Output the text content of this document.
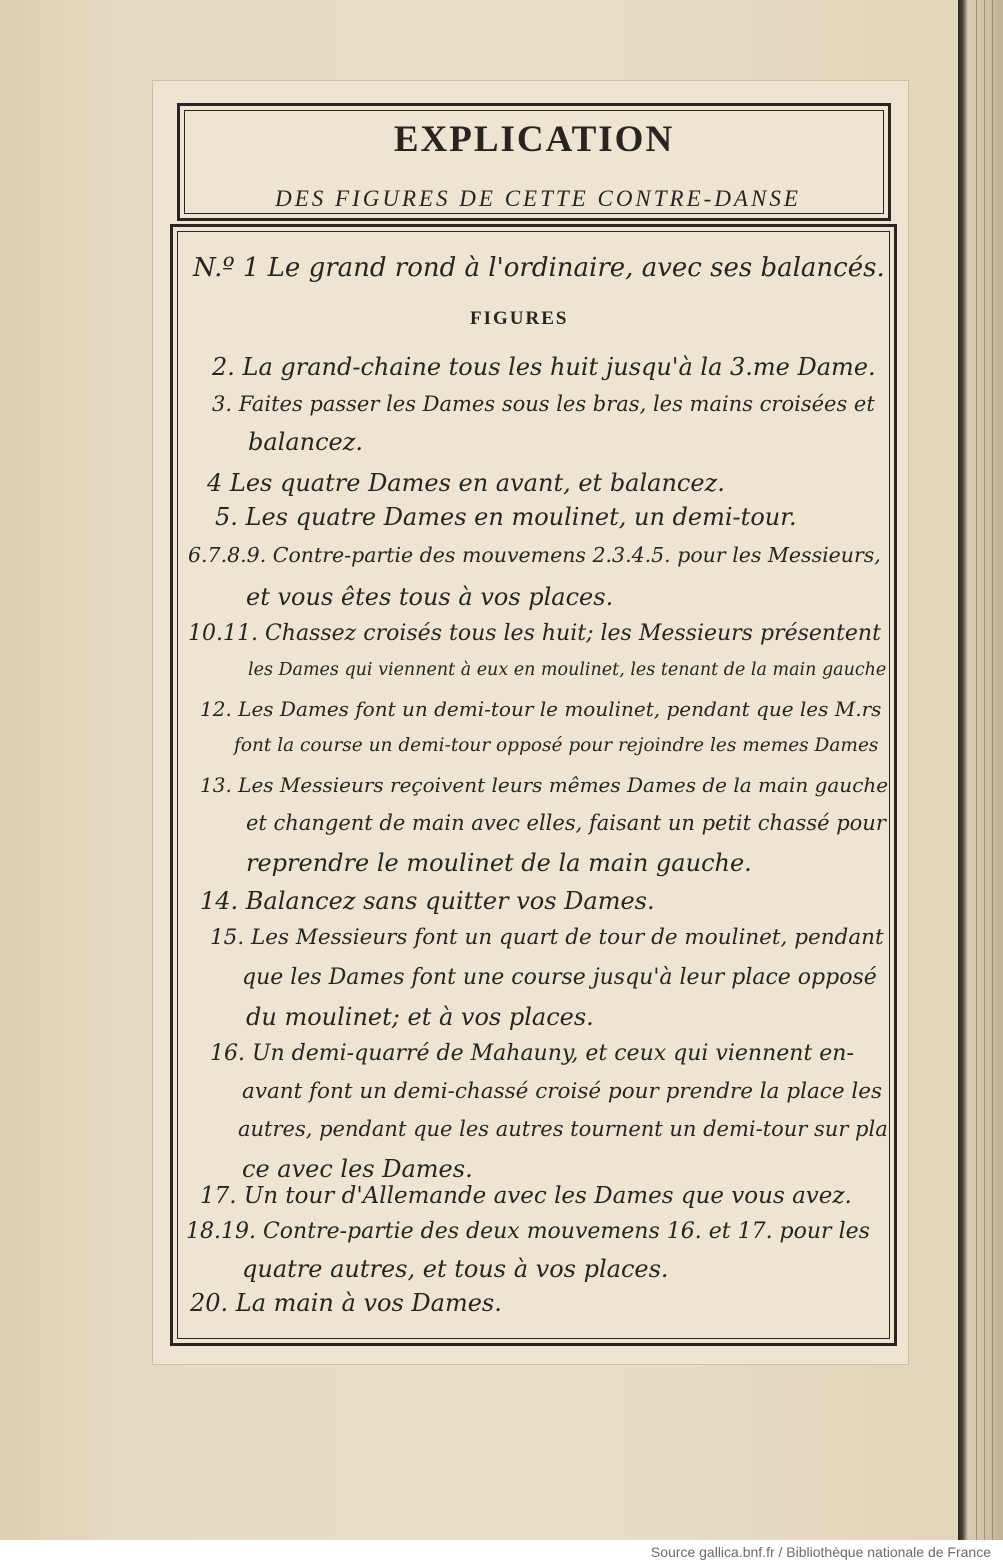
EXPLICATION
DES FIGURES DE CETTE CONTRE-DANSE
FIGURES
N.º 1 Le grand rond à l'ordinaire, avec ses balancés.
2. La grand-chaine tous les huit jusqu'à la 3.me Dame.
3. Faites passer les Dames sous les bras, les mains croisées et
balancez.
4 Les quatre Dames en avant, et balancez.
5. Les quatre Dames en moulinet, un demi-tour.
6.7.8.9. Contre-partie des mouvemens 2.3.4.5. pour les Messieurs,
et vous êtes tous à vos places.
10.11. Chassez croisés tous les huit; les Messieurs présentent
les Dames qui viennent à eux en moulinet, les tenant de la main gauche
12. Les Dames font un demi-tour le moulinet, pendant que les M.rs
font la course un demi-tour opposé pour rejoindre les memes Dames
13. Les Messieurs reçoivent leurs mêmes Dames de la main gauche
et changent de main avec elles, faisant un petit chassé pour
reprendre le moulinet de la main gauche.
14. Balancez sans quitter vos Dames.
15. Les Messieurs font un quart de tour de moulinet, pendant
que les Dames font une course jusqu'à leur place opposé
du moulinet; et à vos places.
16. Un demi-quarré de Mahauny, et ceux qui viennent en-
avant font un demi-chassé croisé pour prendre la place les
autres, pendant que les autres tournent un demi-tour sur pla
ce avec les Dames.
17. Un tour d'Allemande avec les Dames que vous avez.
18.19. Contre-partie des deux mouvemens 16. et 17. pour les
quatre autres, et tous à vos places.
20. La main à vos Dames.
Source gallica.bnf.fr / Bibliothèque nationale de France
